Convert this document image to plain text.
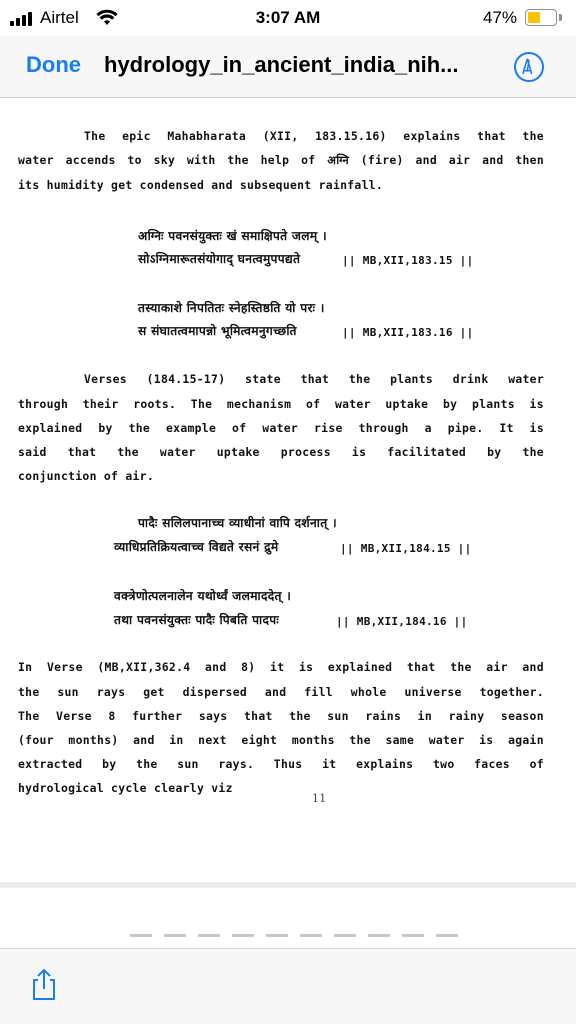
Airtel	3:07 AM	47%
Done hydrology_in_ancient_india_nih...
The epic Mahabharata (XII, 183.15.16) explains that the
water accends to sky with the help of अग्नि (fire) and air and then
its humidity get condensed and subsequent rainfall.
अग्निः पवनसंयुक्तः खं समाक्षिपते जलम् ।
सोऽग्निमारूतसंयोगाद् घनत्वमुपपद्यते	|| MB,XII,183.15 ||
तस्याकाशे निपतितः स्नेहस्तिष्ठति यो परः ।
स संघातत्वमापन्नो भूमित्वमनुगच्छति	|| MB,XII,183.16 ||
Verses (184.15-17) state that the plants drink water
through their roots. The mechanism of water uptake by plants is
explained by the example of water rise through a pipe. It is
said that the water uptake process is facilitated by the
conjunction of air.
पादैः सलिलपानाच्च व्याधीनां वापि दर्शनात् ।
व्याधिप्रतिक्रियत्वाच्च विद्यते रसनं द्रुमे	|| MB,XII,184.15 ||
वक्त्रेणोत्पलनालेन यथोर्ध्वं जलमाददेत् ।
तथा पवनसंयुक्तः पादैः पिबति पादपः	|| MB,XII,184.16 ||
In Verse (MB,XII,362.4 and 8) it is explained that the air and
the sun rays get dispersed and fill whole universe together.
The Verse 8 further says that the sun rains in rainy season
(four months) and in next eight months the same water is again
extracted by the sun rays. Thus it explains two faces of
hydrological cycle clearly viz
11
